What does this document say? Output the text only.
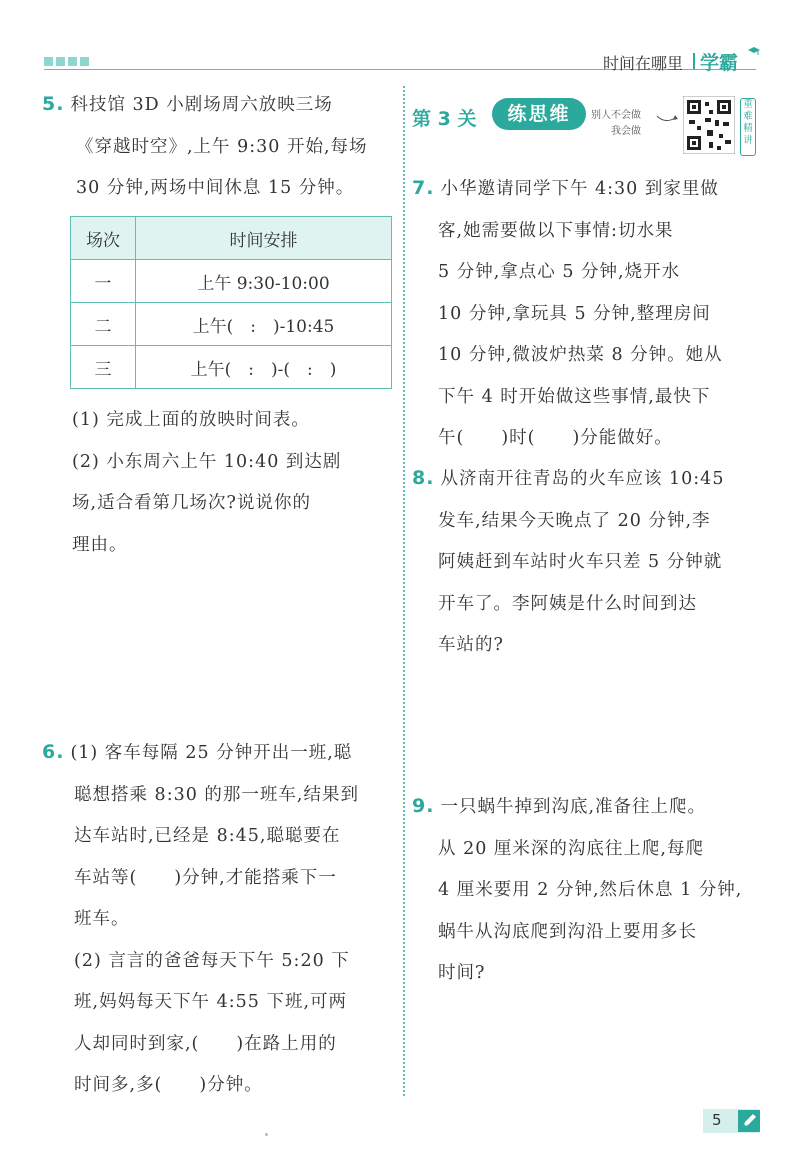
时间在哪里 学霸

5. 科技馆 3D 小剧场周六放映三场

《穿越时空》,上午 9:30 开始,每场

30 分钟,两场中间休息 15 分钟。

场次	时间安排
一	上午 9:30-10:00
二	上午(　:　)-10:45
三	上午(　:　)-(　:　)

(1) 完成上面的放映时间表。

(2) 小东周六上午 10:40 到达剧

场,适合看第几场次?说说你的

理由。

6. (1) 客车每隔 25 分钟开出一班,聪

聪想搭乘 8:30 的那一班车,结果到

达车站时,已经是 8:45,聪聪要在

车站等(　　)分钟,才能搭乘下一

班车。

(2) 言言的爸爸每天下午 5:20 下

班,妈妈每天下午 4:55 下班,可两

人却同时到家,(　　)在路上用的

时间多,多(　　)分钟。

第 3 关	练思维	别人不会做
我会做
重难精讲

7. 小华邀请同学下午 4:30 到家里做

客,她需要做以下事情:切水果

5 分钟,拿点心 5 分钟,烧开水

10 分钟,拿玩具 5 分钟,整理房间

10 分钟,微波炉热菜 8 分钟。她从

下午 4 时开始做这些事情,最快下

午(　　)时(　　)分能做好。

8. 从济南开往青岛的火车应该 10:45

发车,结果今天晚点了 20 分钟,李

阿姨赶到车站时火车只差 5 分钟就

开车了。李阿姨是什么时间到达

车站的?

9. 一只蜗牛掉到沟底,准备往上爬。

从 20 厘米深的沟底往上爬,每爬

4 厘米要用 2 分钟,然后休息 1 分钟,

蜗牛从沟底爬到沟沿上要用多长

时间?

5
